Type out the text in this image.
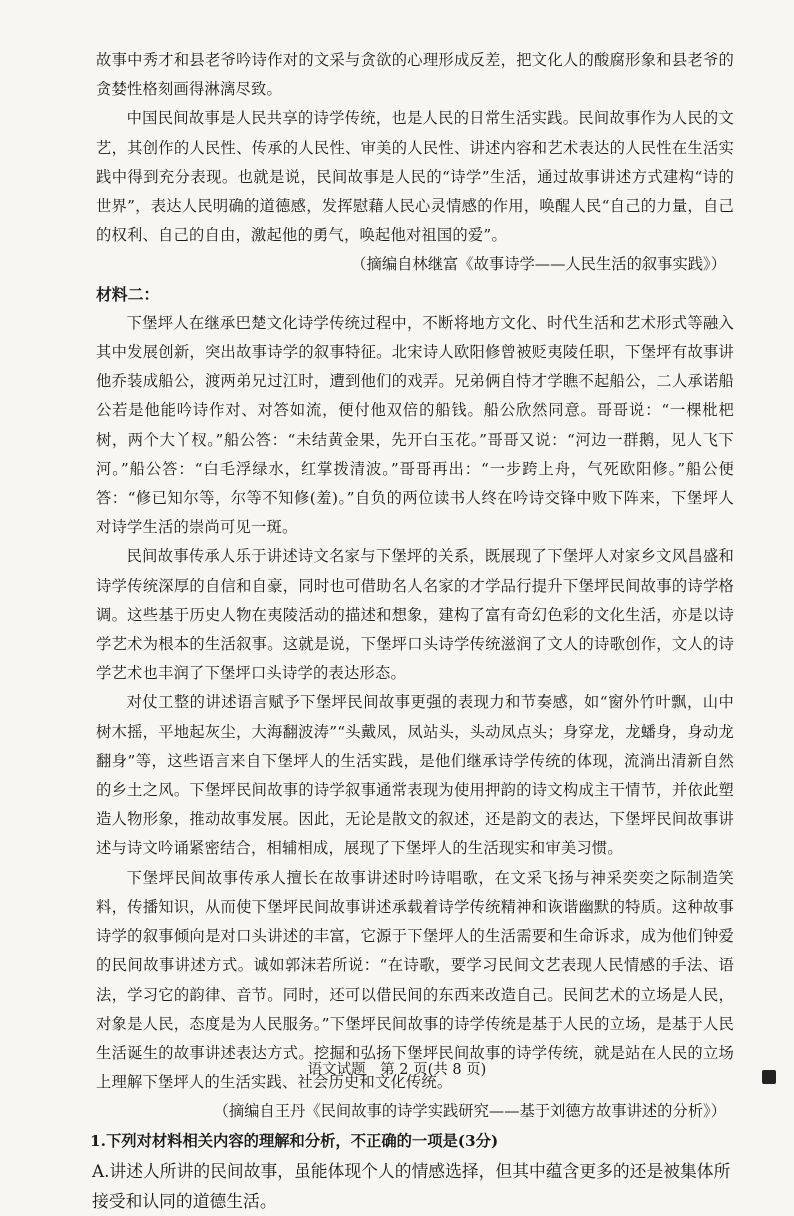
故事中秀才和县老爷吟诗作对的文采与贪欲的心理形成反差，把文化人的酸腐形象和县老爷的贪婪性格刻画得淋漓尽致。

中国民间故事是人民共享的诗学传统，也是人民的日常生活实践。民间故事作为人民的文艺，其创作的人民性、传承的人民性、审美的人民性、讲述内容和艺术表达的人民性在生活实践中得到充分表现。也就是说，民间故事是人民的“诗学”生活，通过故事讲述方式建构“诗的世界”，表达人民明确的道德感，发挥慰藉人民心灵情感的作用，唤醒人民“自己的力量，自己的权利、自己的自由，激起他的勇气，唤起他对祖国的爱”。

（摘编自林继富《故事诗学——人民生活的叙事实践》）

材料二：

下堡坪人在继承巴楚文化诗学传统过程中，不断将地方文化、时代生活和艺术形式等融入其中发展创新，突出故事诗学的叙事特征。北宋诗人欧阳修曾被贬夷陵任职，下堡坪有故事讲他乔装成船公，渡两弟兄过江时，遭到他们的戏弄。兄弟俩自恃才学瞧不起船公，二人承诺船公若是他能吟诗作对、对答如流，便付他双倍的船钱。船公欣然同意。哥哥说：“一棵枇杷树，两个大丫杈。”船公答：“未结黄金果，先开白玉花。”哥哥又说：“河边一群鹅，见人飞下河。”船公答：“白毛浮绿水，红掌拨清波。”哥哥再出：“一步跨上舟，气死欧阳修。”船公便答：“修已知尔等，尔等不知修(羞)。”自负的两位读书人终在吟诗交锋中败下阵来，下堡坪人对诗学生活的崇尚可见一斑。

民间故事传承人乐于讲述诗文名家与下堡坪的关系，既展现了下堡坪人对家乡文风昌盛和诗学传统深厚的自信和自豪，同时也可借助名人名家的才学品行提升下堡坪民间故事的诗学格调。这些基于历史人物在夷陵活动的描述和想象，建构了富有奇幻色彩的文化生活，亦是以诗学艺术为根本的生活叙事。这就是说，下堡坪口头诗学传统滋润了文人的诗歌创作，文人的诗学艺术也丰润了下堡坪口头诗学的表达形态。

对仗工整的讲述语言赋予下堡坪民间故事更强的表现力和节奏感，如“窗外竹叶飘，山中树木摇，平地起灰尘，大海翻波涛”“头戴凤，凤站头，头动凤点头；身穿龙，龙蟠身，身动龙翻身”等，这些语言来自下堡坪人的生活实践，是他们继承诗学传统的体现，流淌出清新自然的乡土之风。下堡坪民间故事的诗学叙事通常表现为使用押韵的诗文构成主干情节，并依此塑造人物形象，推动故事发展。因此，无论是散文的叙述，还是韵文的表达，下堡坪民间故事讲述与诗文吟诵紧密结合，相辅相成，展现了下堡坪人的生活现实和审美习惯。

下堡坪民间故事传承人擅长在故事讲述时吟诗唱歌，在文采飞扬与神采奕奕之际制造笑料，传播知识，从而使下堡坪民间故事讲述承载着诗学传统精神和诙谐幽默的特质。这种故事诗学的叙事倾向是对口头讲述的丰富，它源于下堡坪人的生活需要和生命诉求，成为他们钟爱的民间故事讲述方式。诚如郭沫若所说：“在诗歌，要学习民间文艺表现人民情感的手法、语法，学习它的韵律、音节。同时，还可以借民间的东西来改造自己。民间艺术的立场是人民，对象是人民，态度是为人民服务。”下堡坪民间故事的诗学传统是基于人民的立场，是基于人民生活诞生的故事讲述表达方式。挖掘和弘扬下堡坪民间故事的诗学传统，就是站在人民的立场上理解下堡坪人的生活实践、社会历史和文化传统。

（摘编自王丹《民间故事的诗学实践研究——基于刘德方故事讲述的分析》）

1.下列对材料相关内容的理解和分析，不正确的一项是(3分)

A.讲述人所讲的民间故事，虽能体现个人的情感选择，但其中蕴含更多的还是被集体所接受和认同的道德生活。

语文试题　第 2 页(共 8 页)
